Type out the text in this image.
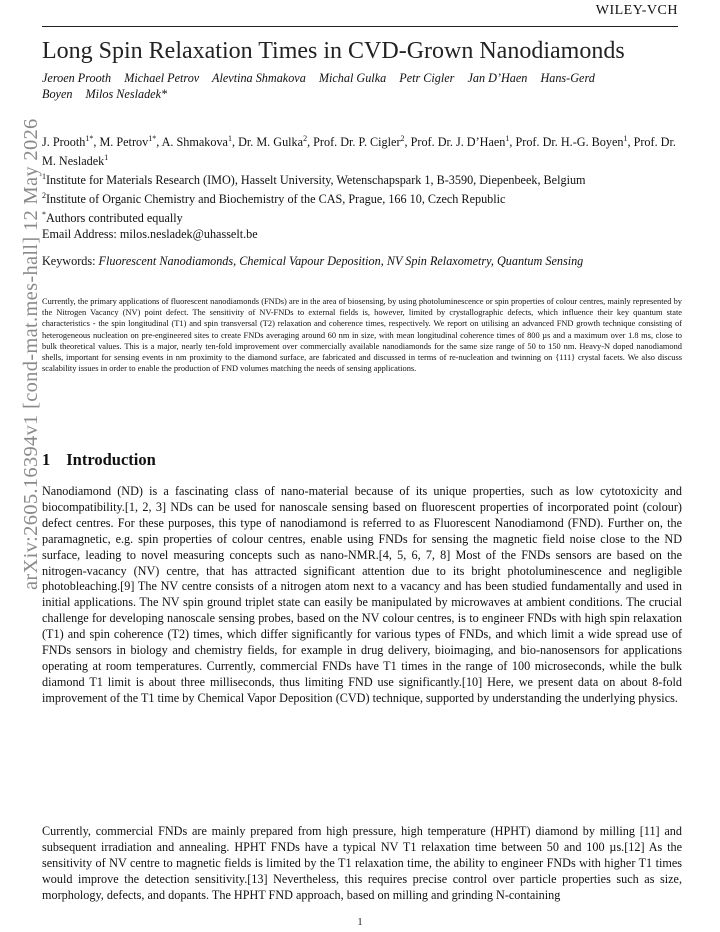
arXiv:2605.16394v1 [cond-mat.mes-hall] 12 May 2026
WILEY-VCH
Long Spin Relaxation Times in CVD-Grown Nanodiamonds
Jeroen Prooth Michael Petrov Alevtina Shmakova Michal Gulka Petr Cigler Jan D’Haen Hans-Gerd
Boyen Milos Nesladek*
J. Prooth$^{1*}$, M. Petrov$^{1*}$, A. Shmakova$^1$, Dr. M. Gulka$^2$, Prof. Dr. P. Cigler$^2$, Prof. Dr. J. D’Haen$^1$, Prof. Dr. H.-G. Boyen$^1$, Prof. Dr. M. Nesladek$^1$
$^1$Institute for Materials Research (IMO), Hasselt University, Wetenschapspark 1, B-3590, Diepenbeek, Belgium
$^2$Institute of Organic Chemistry and Biochemistry of the CAS, Prague, 166 10, Czech Republic
*Authors contributed equally
Email Address: milos.nesladek@uhasselt.be
Keywords: Fluorescent Nanodiamonds, Chemical Vapour Deposition, NV Spin Relaxometry, Quantum Sensing
Currently, the primary applications of fluorescent nanodiamonds (FNDs) are in the area of biosensing, by using photoluminescence or spin properties of colour centres, mainly represented by the Nitrogen Vacancy (NV) point defect. The sensitivity of NV-FNDs to external fields is, however, limited by crystallographic defects, which influence their key quantum state characteristics - the spin longitudinal (T1) and spin transversal (T2) relaxation and coherence times, respectively. We report on utilising an advanced FND growth technique consisting of heterogeneous nucleation on pre-engineered sites to create FNDs averaging around 60 nm in size, with mean longitudinal coherence times of 800 µs and a maximum over 1.8 ms, close to bulk theoretical values. This is a major, nearly ten-fold improvement over commercially available nanodiamonds for the same size range of 50 to 150 nm. Heavy-N doped nanodiamond shells, important for sensing events in nm proximity to the diamond surface, are fabricated and discussed in terms of re-nucleation and twinning on {111} crystal facets. We also discuss scalability issues in order to enable the production of FND volumes matching the needs of sensing applications.
1 Introduction
Nanodiamond (ND) is a fascinating class of nano-material because of its unique properties, such as low cytotoxicity and biocompatibility.[1, 2, 3] NDs can be used for nanoscale sensing based on fluorescent properties of incorporated point (colour) defect centres. For these purposes, this type of nanodiamond is referred to as Fluorescent Nanodiamond (FND). Further on, the paramagnetic, e.g. spin properties of colour centres, enable using FNDs for sensing the magnetic field noise close to the ND surface, leading to novel measuring concepts such as nano-NMR.[4, 5, 6, 7, 8] Most of the FNDs sensors are based on the nitrogen-vacancy (NV) centre, that has attracted significant attention due to its bright photoluminescence and negligible photobleaching.[9] The NV centre consists of a nitrogen atom next to a vacancy and has been studied fundamentally and used in initial applications. The NV spin ground triplet state can easily be manipulated by microwaves at ambient conditions. The crucial challenge for developing nanoscale sensing probes, based on the NV colour centres, is to engineer FNDs with high spin relaxation (T1) and spin coherence (T2) times, which differ significantly for various types of FNDs, and which limit a wide spread use of FNDs sensors in biology and chemistry fields, for example in drug delivery, bioimaging, and bio-nanosensors for applications operating at room temperatures. Currently, commercial FNDs have T1 times in the range of 100 microseconds, while the bulk diamond T1 limit is about three milliseconds, thus limiting FND use significantly.[10] Here, we present data on about 8-fold improvement of the T1 time by Chemical Vapor Deposition (CVD) technique, supported by understanding the underlying physics.
Currently, commercial FNDs are mainly prepared from high pressure, high temperature (HPHT) diamond by milling [11] and subsequent irradiation and annealing. HPHT FNDs have a typical NV T1 relaxation time between 50 and 100 µs.[12] As the sensitivity of NV centre to magnetic fields is limited by the T1 relaxation time, the ability to engineer FNDs with higher T1 times would improve the detection sensitivity.[13] Nevertheless, this requires precise control over particle properties such as size, morphology, defects, and dopants. The HPHT FND approach, based on milling and grinding N-containing
1
